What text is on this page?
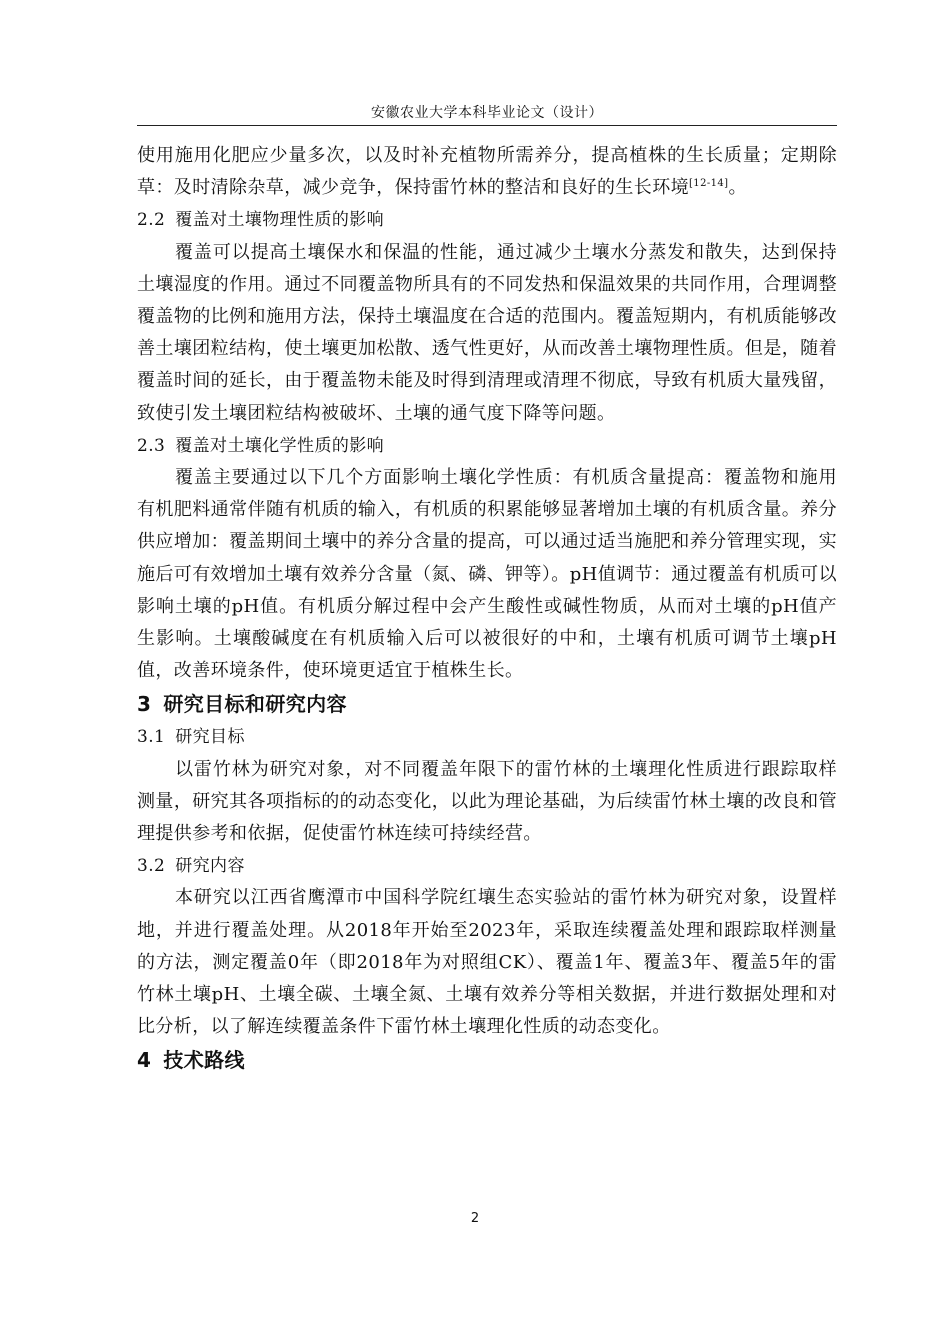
安徽农业大学本科毕业论文（设计）

使用施用化肥应少量多次，以及时补充植物所需养分，提高植株的生长质量；定期除草：及时清除杂草，减少竞争，保持雷竹林的整洁和良好的生长环境[12-14]。

2.2 覆盖对土壤物理性质的影响

覆盖可以提高土壤保水和保温的性能，通过减少土壤水分蒸发和散失，达到保持土壤湿度的作用。通过不同覆盖物所具有的不同发热和保温效果的共同作用，合理调整覆盖物的比例和施用方法，保持土壤温度在合适的范围内。覆盖短期内，有机质能够改善土壤团粒结构，使土壤更加松散、透气性更好，从而改善土壤物理性质。但是，随着覆盖时间的延长，由于覆盖物未能及时得到清理或清理不彻底，导致有机质大量残留，致使引发土壤团粒结构被破坏、土壤的通气度下降等问题。

2.3 覆盖对土壤化学性质的影响

覆盖主要通过以下几个方面影响土壤化学性质：有机质含量提高：覆盖物和施用有机肥料通常伴随有机质的输入，有机质的积累能够显著增加土壤的有机质含量。养分供应增加：覆盖期间土壤中的养分含量的提高，可以通过适当施肥和养分管理实现，实施后可有效增加土壤有效养分含量（氮、磷、钾等）。pH值调节：通过覆盖有机质可以影响土壤的pH值。有机质分解过程中会产生酸性或碱性物质，从而对土壤的pH值产生影响。土壤酸碱度在有机质输入后可以被很好的中和，土壤有机质可调节土壤pH值，改善环境条件，使环境更适宜于植株生长。

3 研究目标和研究内容

3.1 研究目标

以雷竹林为研究对象，对不同覆盖年限下的雷竹林的土壤理化性质进行跟踪取样测量，研究其各项指标的的动态变化，以此为理论基础，为后续雷竹林土壤的改良和管理提供参考和依据，促使雷竹林连续可持续经营。

3.2 研究内容

本研究以江西省鹰潭市中国科学院红壤生态实验站的雷竹林为研究对象，设置样地，并进行覆盖处理。从2018年开始至2023年，采取连续覆盖处理和跟踪取样测量的方法，测定覆盖0年（即2018年为对照组CK）、覆盖1年、覆盖3年、覆盖5年的雷竹林土壤pH、土壤全碳、土壤全氮、土壤有效养分等相关数据，并进行数据处理和对比分析，以了解连续覆盖条件下雷竹林土壤理化性质的动态变化。

4 技术路线

2
